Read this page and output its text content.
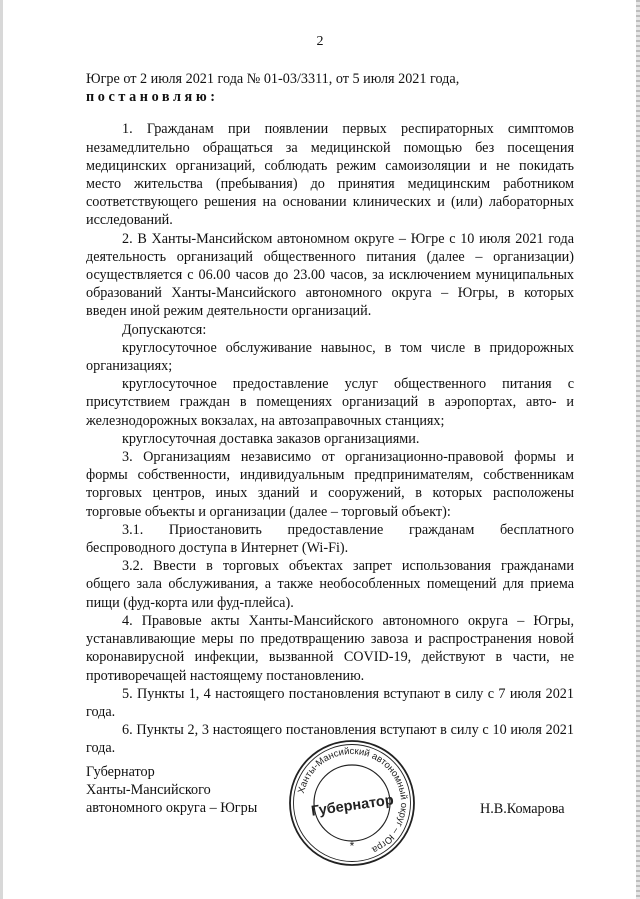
2

Югре от 2 июля 2021 года № 01-03/3311, от 5 июля 2021 года,

постановляю:

1. Гражданам при появлении первых респираторных симптомов незамедлительно обращаться за медицинской помощью без посещения медицинских организаций, соблюдать режим самоизоляции и не покидать место жительства (пребывания) до принятия медицинским работником соответствующего решения на основании клинических и (или) лабораторных исследований.

2. В Ханты-Мансийском автономном округе – Югре с 10 июля 2021 года деятельность организаций общественного питания (далее – организации) осуществляется с 06.00 часов до 23.00 часов, за исключением муниципальных образований Ханты-Мансийского автономного округа – Югры, в которых введен иной режим деятельности организаций.

Допускаются:

круглосуточное обслуживание навынос, в том числе в придорожных организациях;

круглосуточное предоставление услуг общественного питания с присутствием граждан в помещениях организаций в аэропортах, авто- и железнодорожных вокзалах, на автозаправочных станциях;

круглосуточная доставка заказов организациями.

3. Организациям независимо от организационно-правовой формы и формы собственности, индивидуальным предпринимателям, собственникам торговых центров, иных зданий и сооружений, в которых расположены торговые объекты и организации (далее – торговый объект):

3.1. Приостановить предоставление гражданам бесплатного беспроводного доступа в Интернет (Wi-Fi).

3.2. Ввести в торговых объектах запрет использования гражданами общего зала обслуживания, а также необособленных помещений для приема пищи (фуд-корта или фуд-плейса).

4. Правовые акты Ханты-Мансийского автономного округа – Югры, устанавливающие меры по предотвращению завоза и распространения новой коронавирусной инфекции, вызванной COVID-19, действуют в части, не противоречащей настоящему постановлению.

5. Пункты 1, 4 настоящего постановления вступают в силу с 7 июля 2021 года.

6. Пункты 2, 3 настоящего постановления вступают в силу с 10 июля 2021 года.

Губернатор
Ханты-Мансийского
автономного округа – Югры
Ханты-Мансийский автономный округ – Югра
Губернатор
*
Н.В.Комарова
